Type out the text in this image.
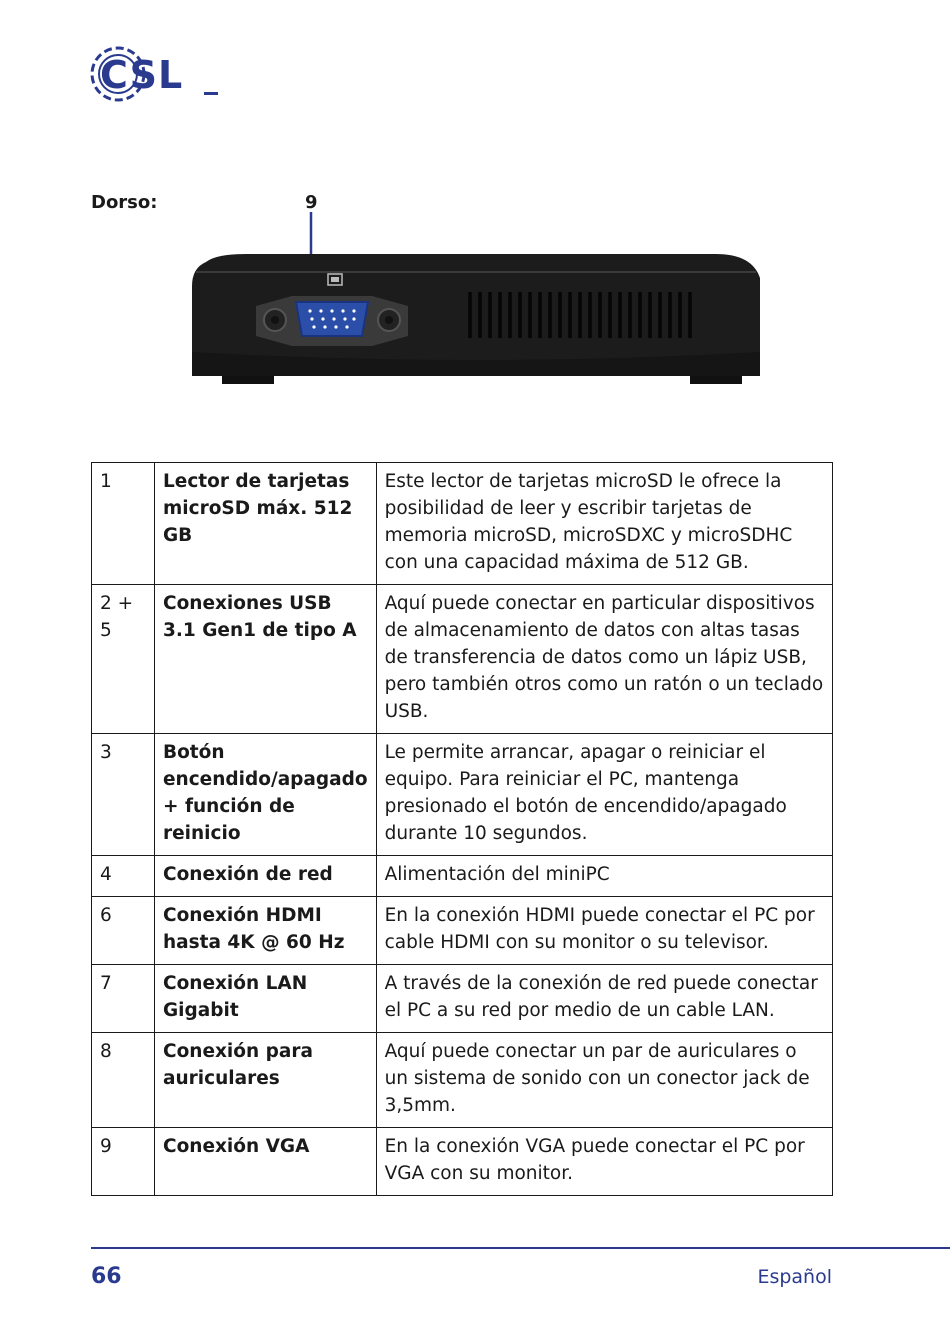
CSL
Dorso:	9
1	Lector de tarjetas microSD máx. 512 GB	Este lector de tarjetas microSD le ofrece la posibilidad de leer y escribir tarjetas de memoria microSD, microSDXC y microSDHC con una capacidad máxima de 512 GB.
2 + 5	Conexiones USB 3.1 Gen1 de tipo A	Aquí puede conectar en particular dispositivos de almacenamiento de datos con altas tasas de transferencia de datos como un lápiz USB, pero también otros como un ratón o un teclado USB.
3	Botón encendido/apagado + función de reinicio	Le permite arrancar, apagar o reiniciar el equipo. Para reiniciar el PC, mantenga presionado el botón de encendido/apagado durante 10 segundos.
4	Conexión de red	Alimentación del miniPC
6	Conexión HDMI hasta 4K @ 60 Hz	En la conexión HDMI puede conectar el PC por cable HDMI con su monitor o su televisor.
7	Conexión LAN Gigabit	A través de la conexión de red puede conectar el PC a su red por medio de un cable LAN.
8	Conexión para auriculares	Aquí puede conectar un par de auriculares o un sistema de sonido con un conector jack de 3,5mm.
9	Conexión VGA	En la conexión VGA puede conectar el PC por VGA con su monitor.
66	Español
